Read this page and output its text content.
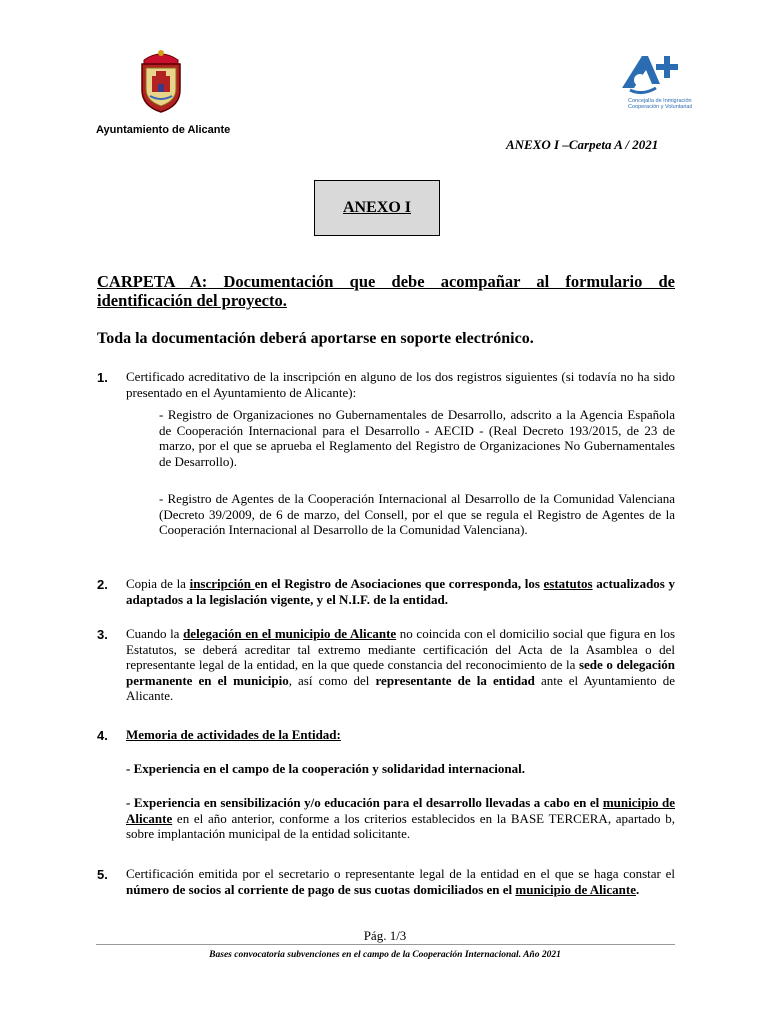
Ayuntamiento de Alicante
Concejalía de Inmigración,
Cooperación y Voluntariado
ANEXO I –Carpeta A / 2021
ANEXO I
CARPETA A: Documentación que debe acompañar al formulario de identificación del proyecto.
Toda la documentación deberá aportarse en soporte electrónico.
1. Certificado acreditativo de la inscripción en alguno de los dos registros siguientes (si todavía no ha sido presentado en el Ayuntamiento de Alicante):
- Registro de Organizaciones no Gubernamentales de Desarrollo, adscrito a la Agencia Española de Cooperación Internacional para el Desarrollo - AECID - (Real Decreto 193/2015, de 23 de marzo, por el que se aprueba el Reglamento del Registro de Organizaciones No Gubernamentales de Desarrollo).
- Registro de Agentes de la Cooperación Internacional al Desarrollo de la Comunidad Valenciana (Decreto 39/2009, de 6 de marzo, del Consell, por el que se regula el Registro de Agentes de la Cooperación Internacional al Desarrollo de la Comunidad Valenciana).
2. Copia de la inscripción en el Registro de Asociaciones que corresponda, los estatutos actualizados y adaptados a la legislación vigente, y el N.I.F. de la entidad.
3. Cuando la delegación en el municipio de Alicante no coincida con el domicilio social que figura en los Estatutos, se deberá acreditar tal extremo mediante certificación del Acta de la Asamblea o del representante legal de la entidad, en la que quede constancia del reconocimiento de la sede o delegación permanente en el municipio, así como del representante de la entidad ante el Ayuntamiento de Alicante.
4. Memoria de actividades de la Entidad:
- Experiencia en el campo de la cooperación y solidaridad internacional.
- Experiencia en sensibilización y/o educación para el desarrollo llevadas a cabo en el municipio de Alicante en el año anterior, conforme a los criterios establecidos en la BASE TERCERA, apartado b, sobre implantación municipal de la entidad solicitante.
5. Certificación emitida por el secretario o representante legal de la entidad en el que se haga constar el número de socios al corriente de pago de sus cuotas domiciliados en el municipio de Alicante.
Pág. 1/3
Bases convocatoria subvenciones en el campo de la Cooperación Internacional. Año 2021
